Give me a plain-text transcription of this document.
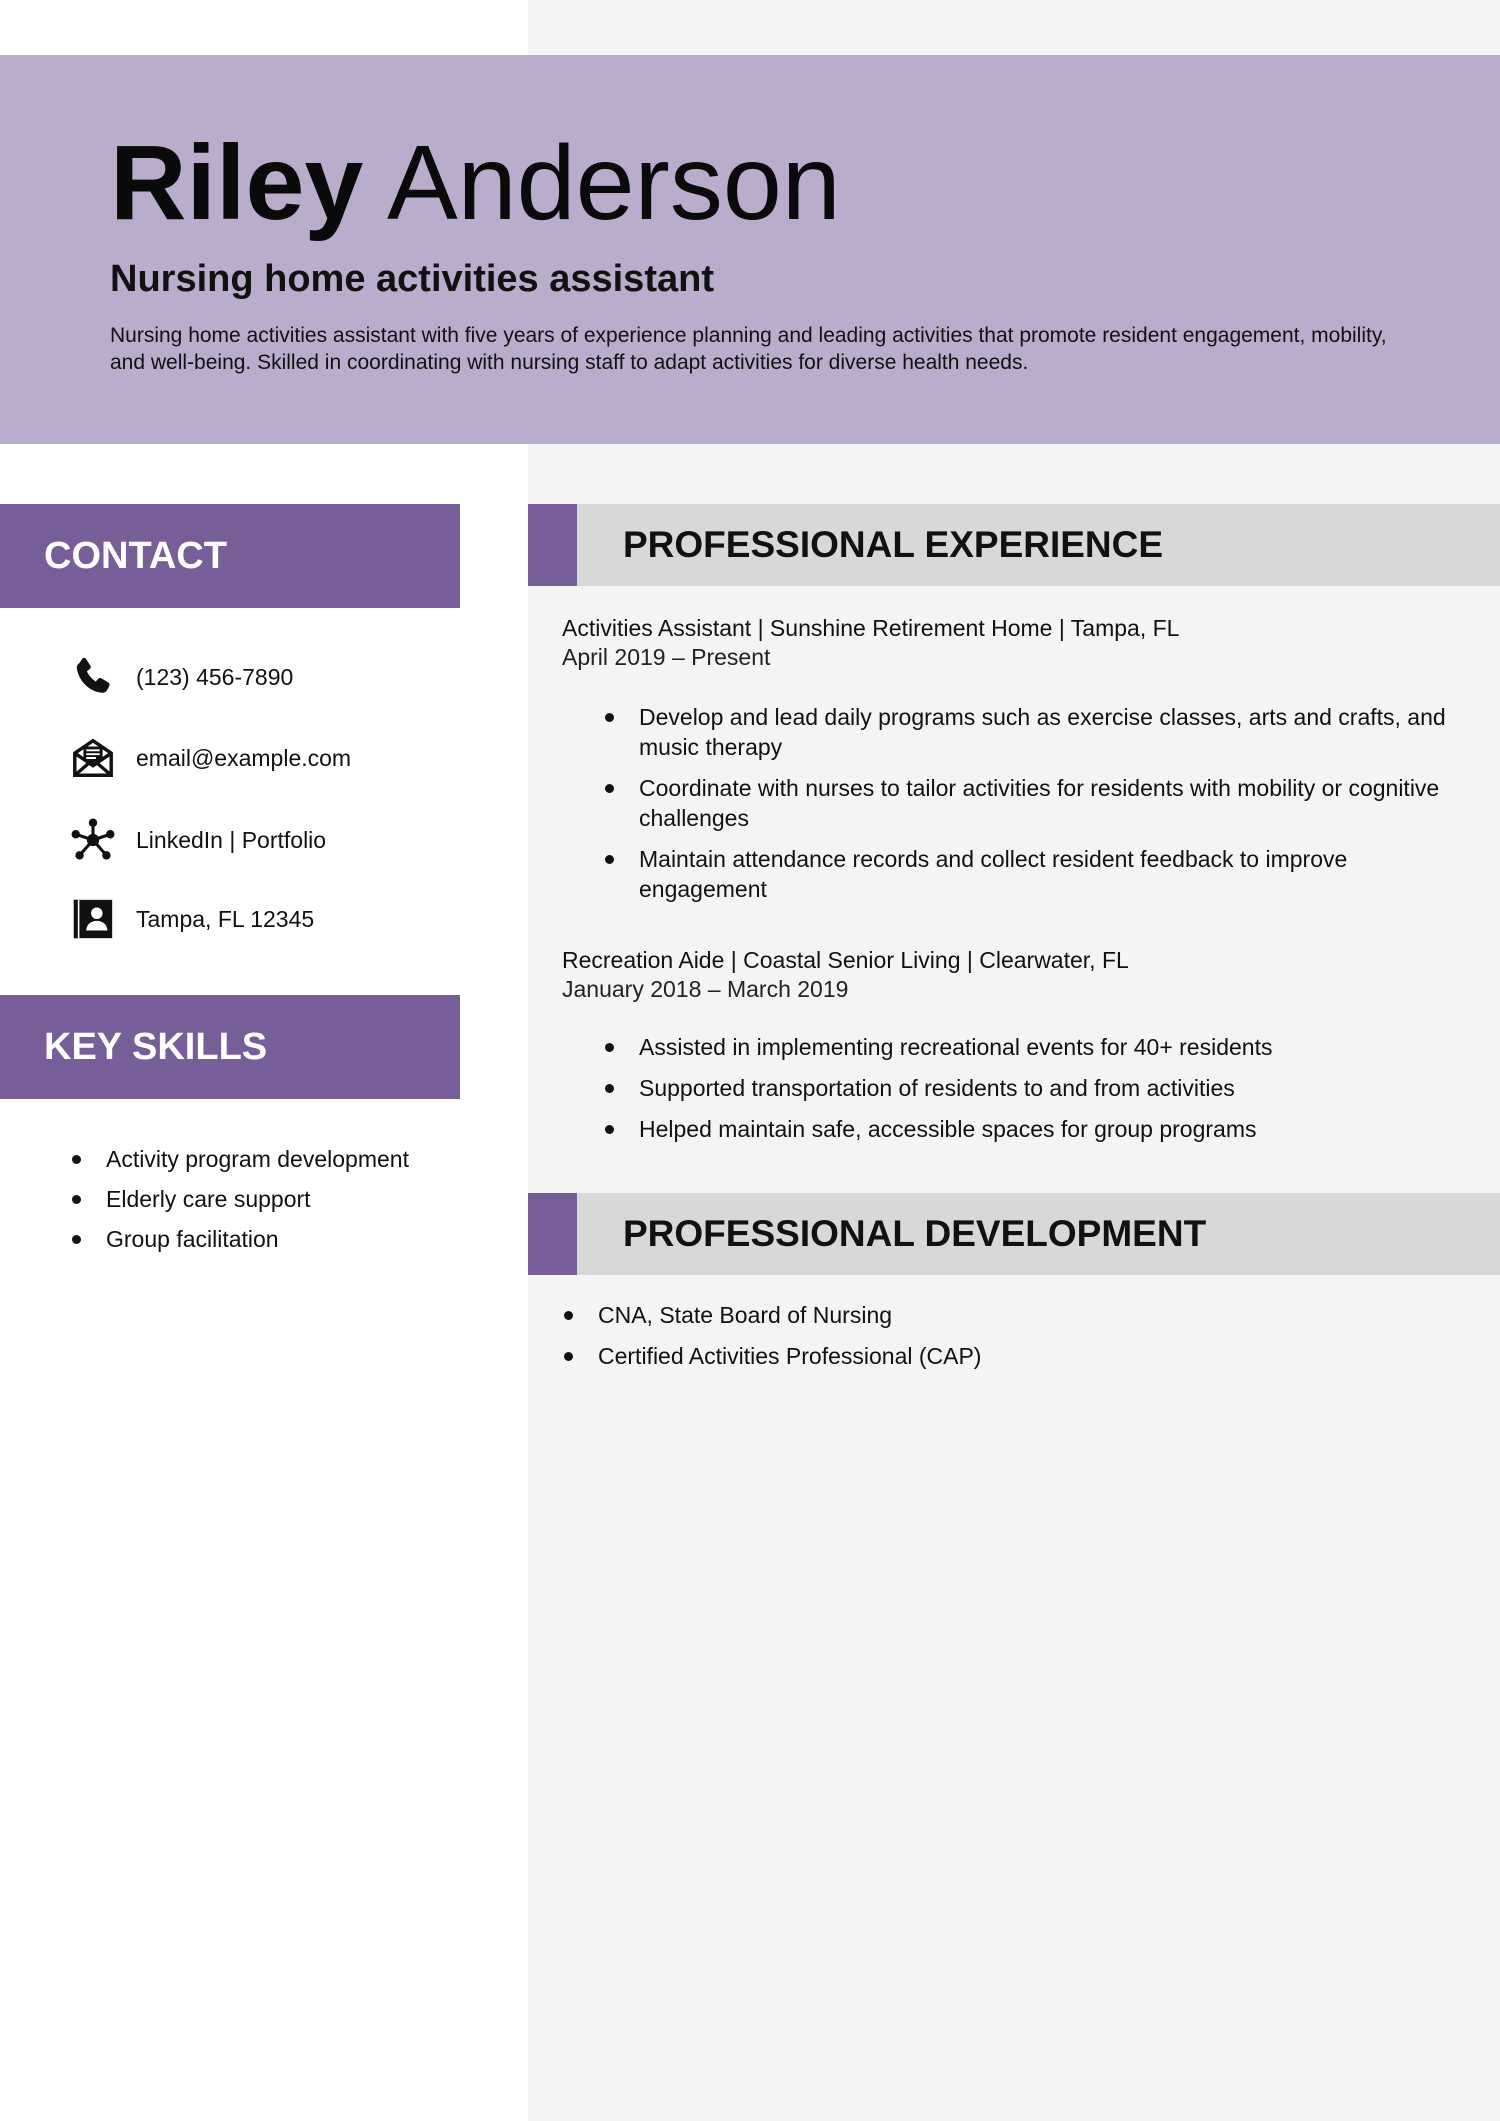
Riley Anderson
Nursing home activities assistant
Nursing home activities assistant with five years of experience planning and leading activities that promote resident engagement, mobility, and well-being. Skilled in coordinating with nursing staff to adapt activities for diverse health needs.
CONTACT
(123) 456-7890
email@example.com
LinkedIn | Portfolio
Tampa, FL 12345
KEY SKILLS
Activity program development
Elderly care support
Group facilitation
PROFESSIONAL EXPERIENCE
Activities Assistant | Sunshine Retirement Home | Tampa, FL
April 2019 – Present
Develop and lead daily programs such as exercise classes, arts and crafts, and music therapy
Coordinate with nurses to tailor activities for residents with mobility or cognitive challenges
Maintain attendance records and collect resident feedback to improve engagement
Recreation Aide | Coastal Senior Living | Clearwater, FL
January 2018 – March 2019
Assisted in implementing recreational events for 40+ residents
Supported transportation of residents to and from activities
Helped maintain safe, accessible spaces for group programs
PROFESSIONAL DEVELOPMENT
CNA, State Board of Nursing
Certified Activities Professional (CAP)
